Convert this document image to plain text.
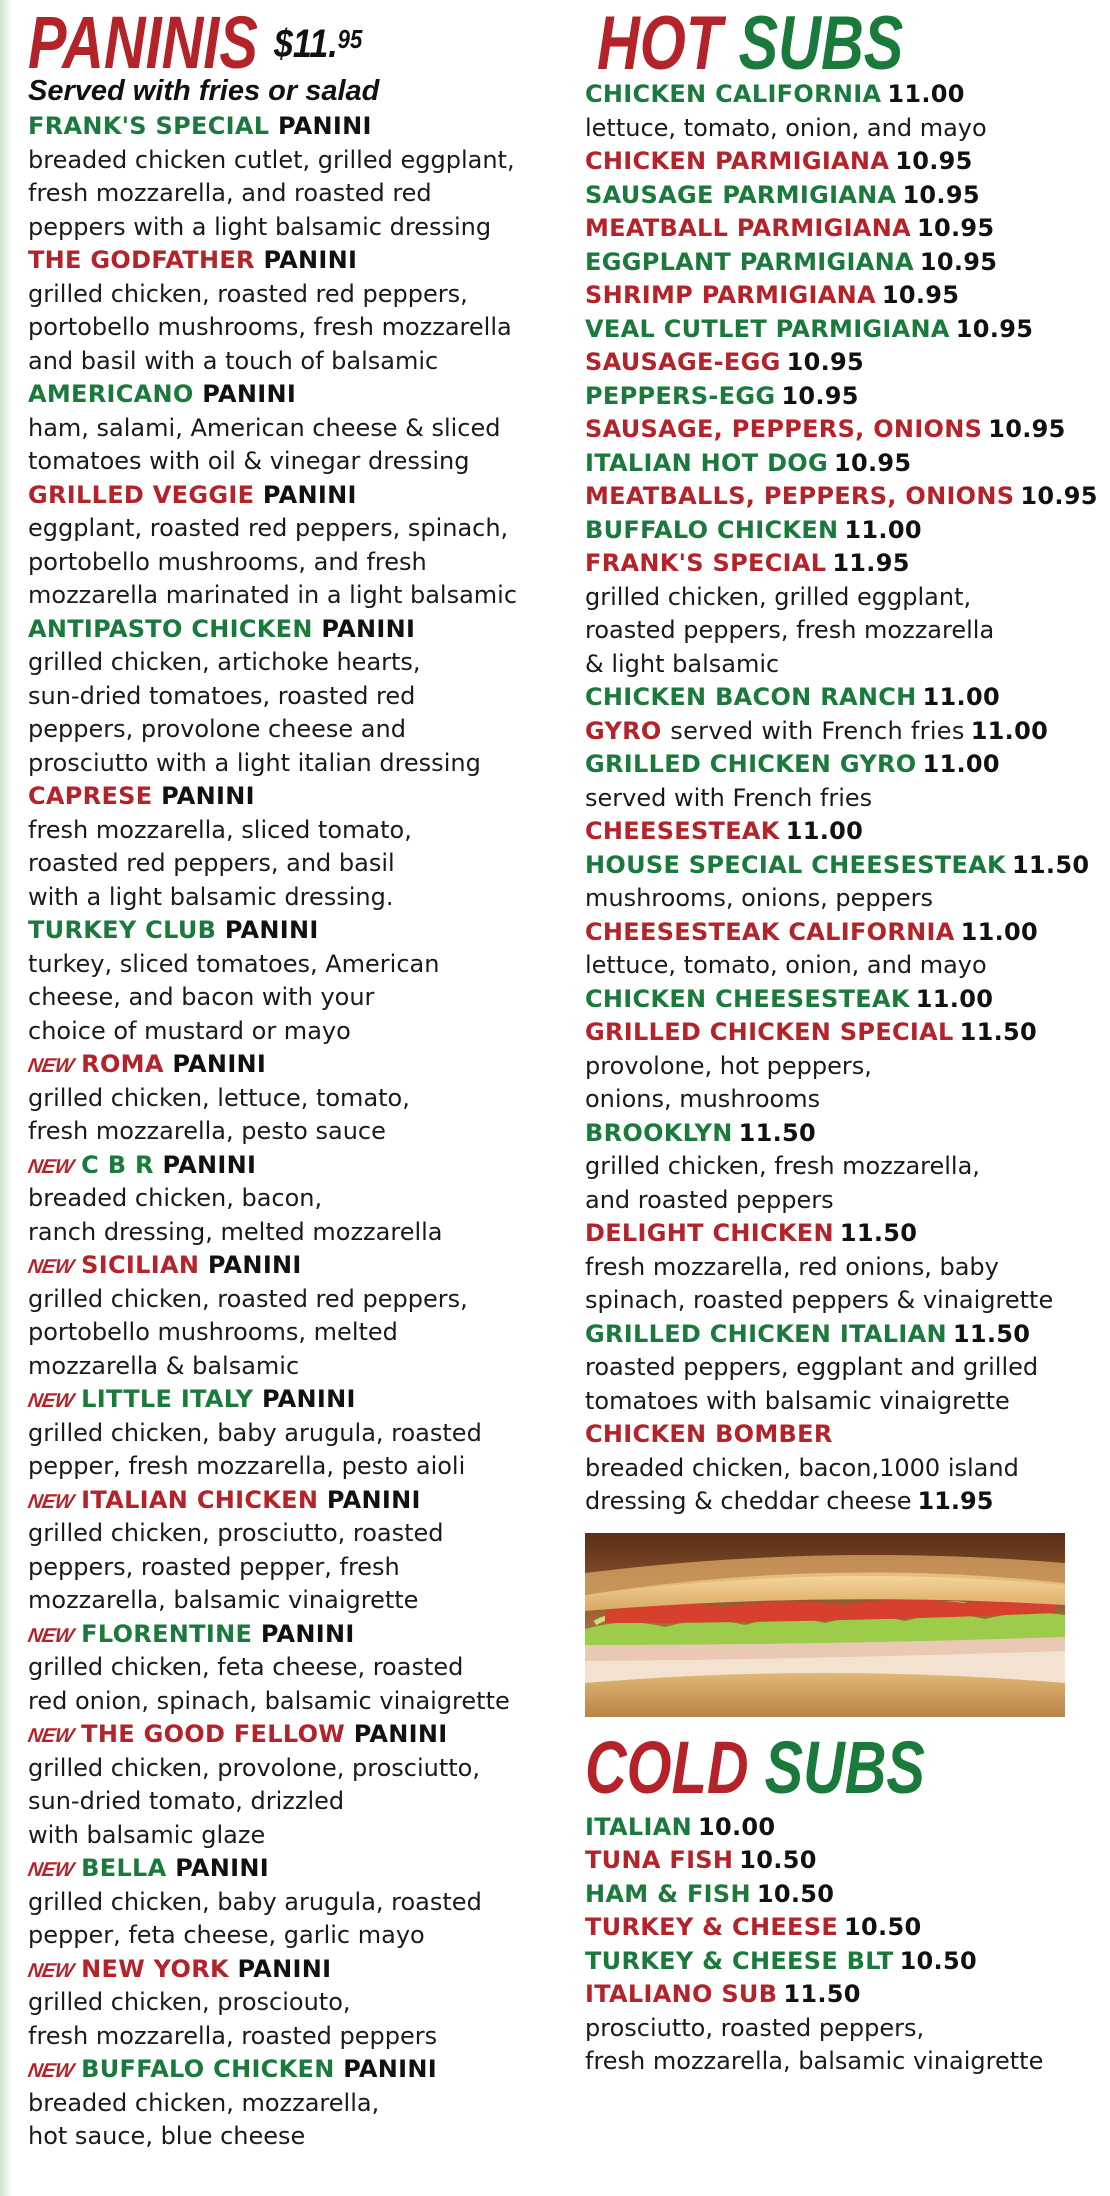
PANINIS $11.95
Served with fries or salad
FRANK'S SPECIAL PANINI
breaded chicken cutlet, grilled eggplant,
fresh mozzarella, and roasted red
peppers with a light balsamic dressing
THE GODFATHER PANINI
grilled chicken, roasted red peppers,
portobello mushrooms, fresh mozzarella
and basil with a touch of balsamic
AMERICANO PANINI
ham, salami, American cheese & sliced
tomatoes with oil & vinegar dressing
GRILLED VEGGIE PANINI
eggplant, roasted red peppers, spinach,
portobello mushrooms, and fresh
mozzarella marinated in a light balsamic
ANTIPASTO CHICKEN PANINI
grilled chicken, artichoke hearts,
sun-dried tomatoes, roasted red
peppers, provolone cheese and
prosciutto with a light italian dressing
CAPRESE PANINI
fresh mozzarella, sliced tomato,
roasted red peppers, and basil
with a light balsamic dressing.
TURKEY CLUB PANINI
turkey, sliced tomatoes, American
cheese, and bacon with your
choice of mustard or mayo
NEW ROMA PANINI
grilled chicken, lettuce, tomato,
fresh mozzarella, pesto sauce
NEW C B R PANINI
breaded chicken, bacon,
ranch dressing, melted mozzarella
NEW SICILIAN PANINI
grilled chicken, roasted red peppers,
portobello mushrooms, melted
mozzarella & balsamic
NEW LITTLE ITALY PANINI
grilled chicken, baby arugula, roasted
pepper, fresh mozzarella, pesto aioli
NEW ITALIAN CHICKEN PANINI
grilled chicken, prosciutto, roasted
peppers, roasted pepper, fresh
mozzarella, balsamic vinaigrette
NEW FLORENTINE PANINI
grilled chicken, feta cheese, roasted
red onion, spinach, balsamic vinaigrette
NEW THE GOOD FELLOW PANINI
grilled chicken, provolone, prosciutto,
sun-dried tomato, drizzled
with balsamic glaze
NEW BELLA PANINI
grilled chicken, baby arugula, roasted
pepper, feta cheese, garlic mayo
NEW NEW YORK PANINI
grilled chicken, prosciouto,
fresh mozzarella, roasted peppers
NEW BUFFALO CHICKEN PANINI
breaded chicken, mozzarella,
hot sauce, blue cheese
HOT SUBS
CHICKEN CALIFORNIA 11.00
lettuce, tomato, onion, and mayo
CHICKEN PARMIGIANA 10.95
SAUSAGE PARMIGIANA 10.95
MEATBALL PARMIGIANA 10.95
EGGPLANT PARMIGIANA 10.95
SHRIMP PARMIGIANA 10.95
VEAL CUTLET PARMIGIANA 10.95
SAUSAGE-EGG 10.95
PEPPERS-EGG 10.95
SAUSAGE, PEPPERS, ONIONS 10.95
ITALIAN HOT DOG 10.95
MEATBALLS, PEPPERS, ONIONS 10.95
BUFFALO CHICKEN 11.00
FRANK'S SPECIAL 11.95
grilled chicken, grilled eggplant,
roasted peppers, fresh mozzarella
& light balsamic
CHICKEN BACON RANCH 11.00
GYRO served with French fries 11.00
GRILLED CHICKEN GYRO 11.00
served with French fries
CHEESESTEAK 11.00
HOUSE SPECIAL CHEESESTEAK 11.50
mushrooms, onions, peppers
CHEESESTEAK CALIFORNIA 11.00
lettuce, tomato, onion, and mayo
CHICKEN CHEESESTEAK 11.00
GRILLED CHICKEN SPECIAL 11.50
provolone, hot peppers,
onions, mushrooms
BROOKLYN 11.50
grilled chicken, fresh mozzarella,
and roasted peppers
DELIGHT CHICKEN 11.50
fresh mozzarella, red onions, baby
spinach, roasted peppers & vinaigrette
GRILLED CHICKEN ITALIAN 11.50
roasted peppers, eggplant and grilled
tomatoes with balsamic vinaigrette
CHICKEN BOMBER
breaded chicken, bacon,1000 island
dressing & cheddar cheese 11.95
COLD SUBS
ITALIAN 10.00
TUNA FISH 10.50
HAM & FISH 10.50
TURKEY & CHEESE 10.50
TURKEY & CHEESE BLT 10.50
ITALIANO SUB 11.50
prosciutto, roasted peppers,
fresh mozzarella, balsamic vinaigrette
